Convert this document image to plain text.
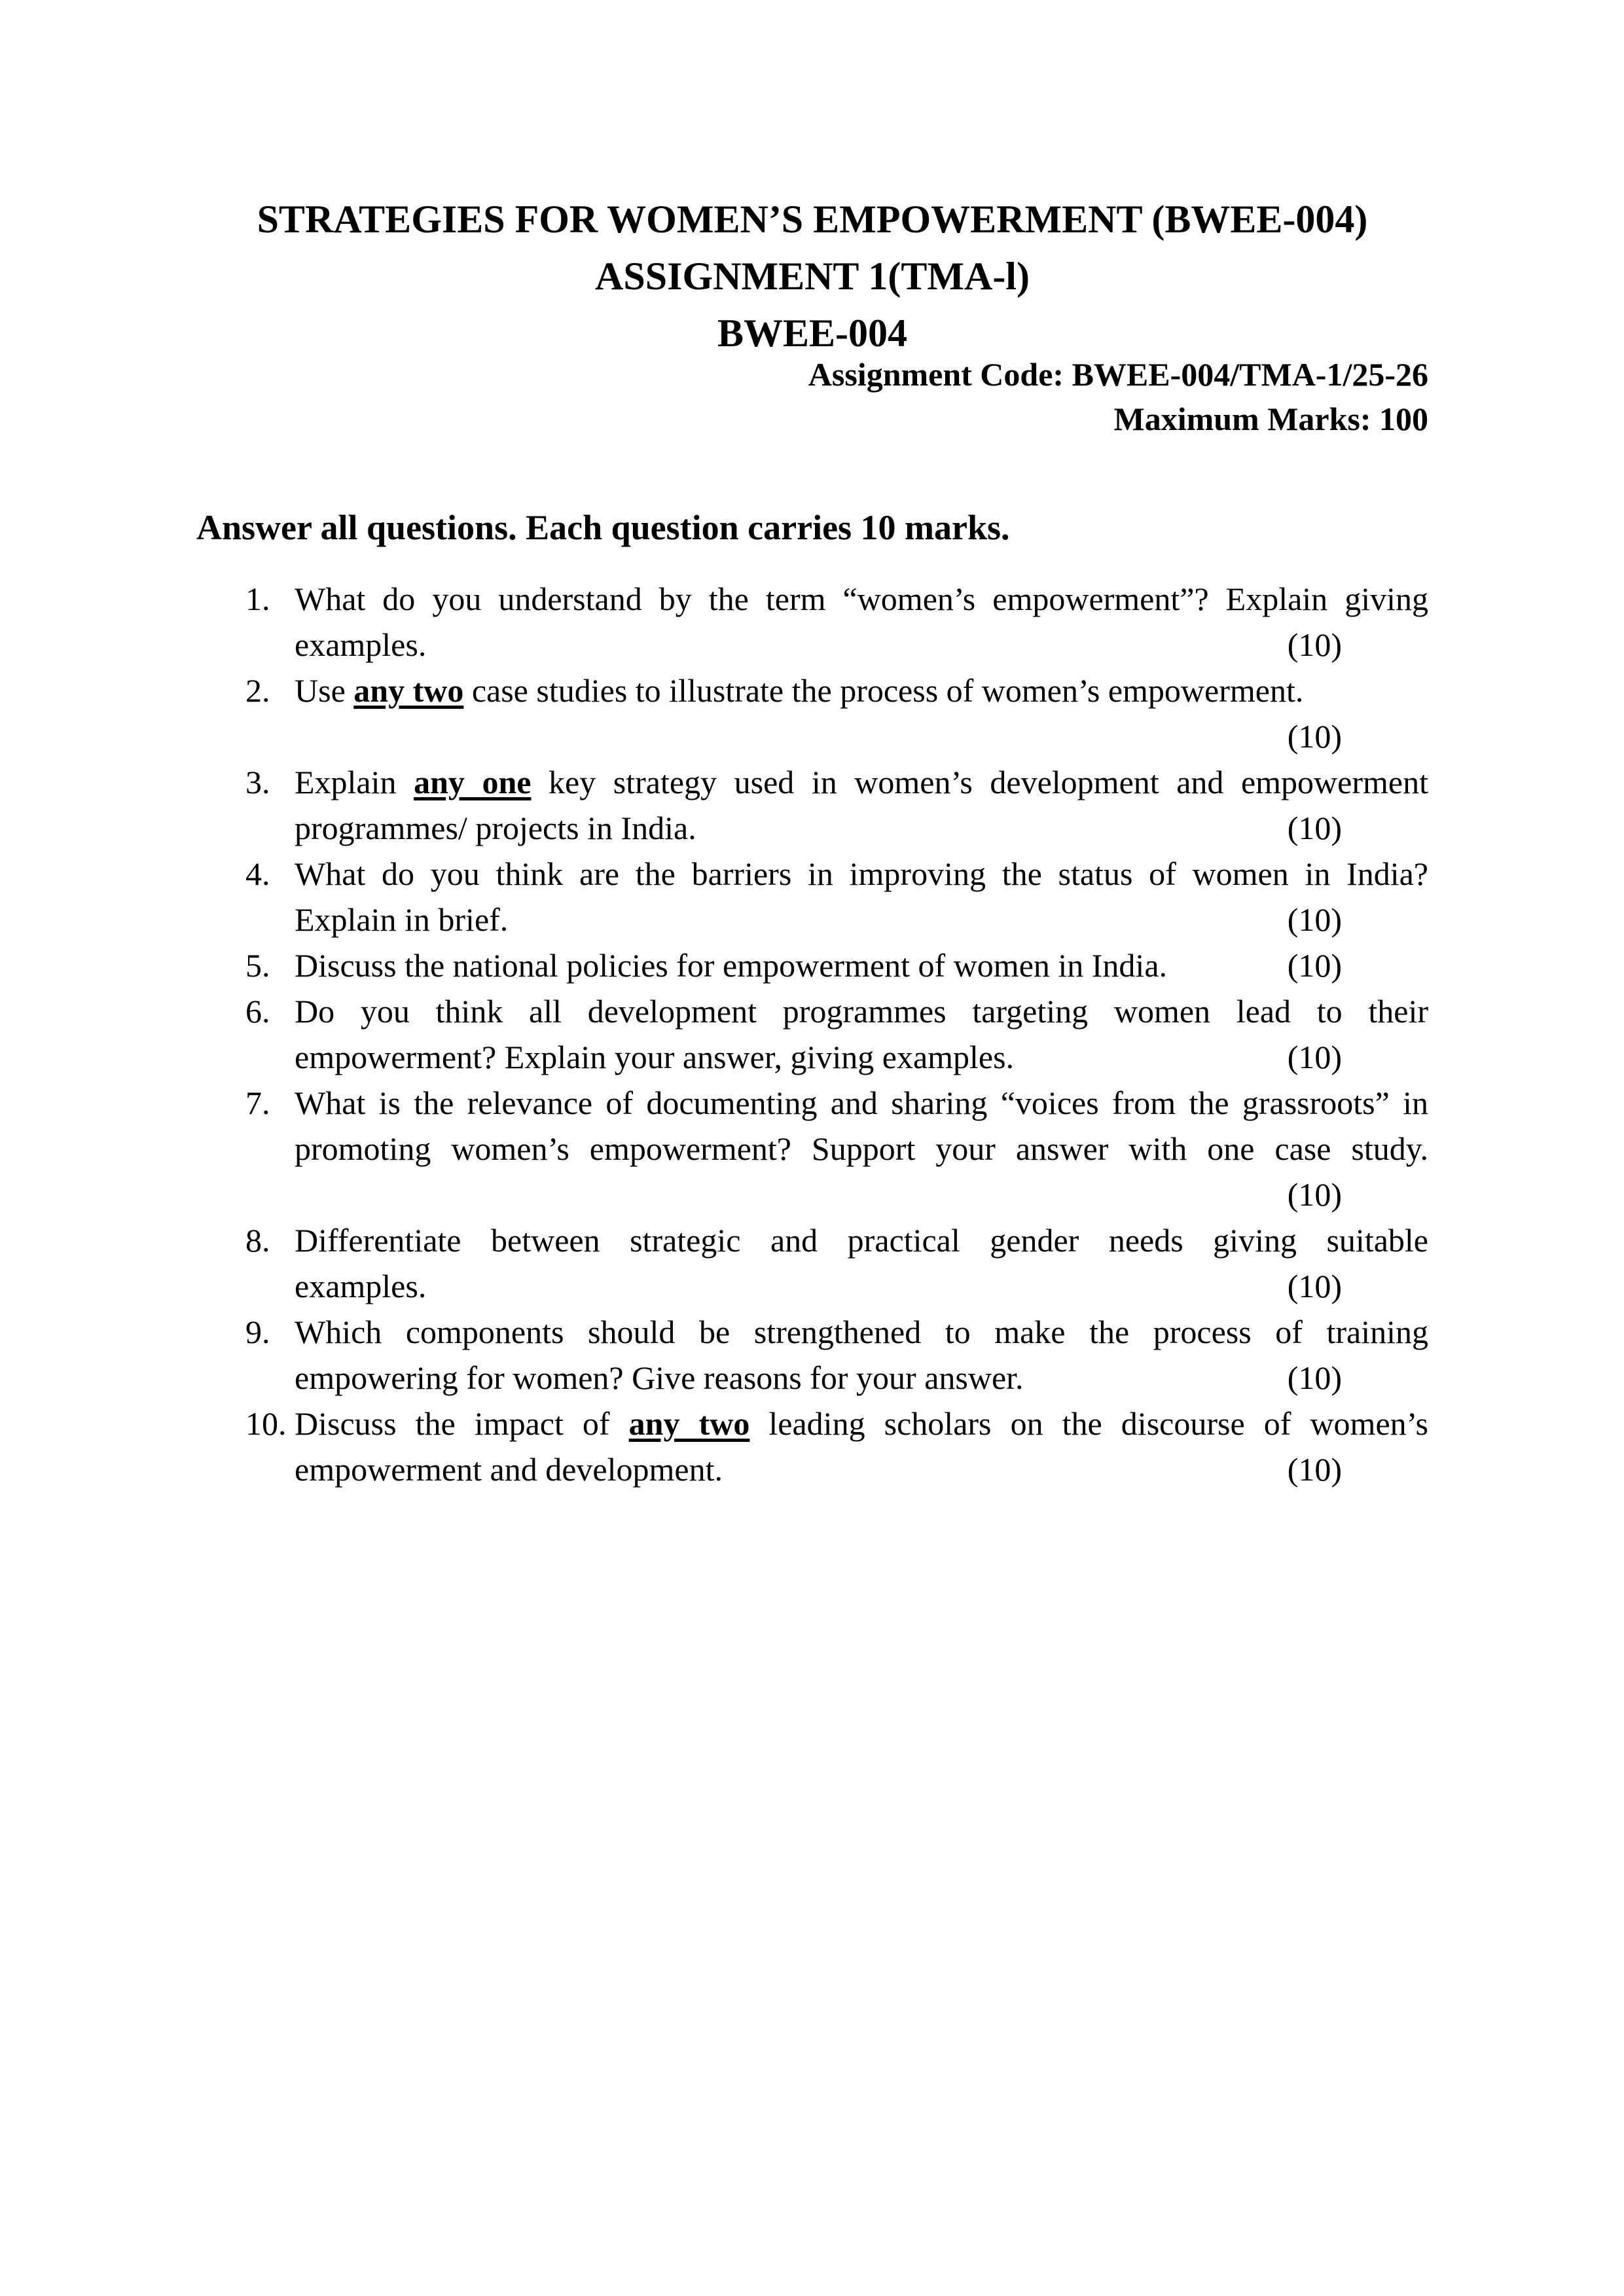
STRATEGIES FOR WOMEN’S EMPOWERMENT (BWEE-004)
ASSIGNMENT 1(TMA-l)
BWEE-004
Assignment Code: BWEE-004/TMA-1/25-26
Maximum Marks: 100
Answer all questions. Each question carries 10 marks.
1. What do you understand by the term “women’s empowerment”? Explain giving
examples.	(10)
2. Use any two case studies to illustrate the process of women’s empowerment.
(10)
3. Explain any one key strategy used in women’s development and empowerment
programmes/ projects in India.	(10)
4. What do you think are the barriers in improving the status of women in India?
Explain in brief.	(10)
5. Discuss the national policies for empowerment of women in India.	(10)
6. Do you think all development programmes targeting women lead to their
empowerment? Explain your answer, giving examples.	(10)
7. What is the relevance of documenting and sharing “voices from the grassroots” in
promoting women’s empowerment? Support your answer with one case study.
(10)
8. Differentiate between strategic and practical gender needs giving suitable
examples.	(10)
9. Which components should be strengthened to make the process of training
empowering for women? Give reasons for your answer.	(10)
10. Discuss the impact of any two leading scholars on the discourse of women’s
empowerment and development.	(10)
